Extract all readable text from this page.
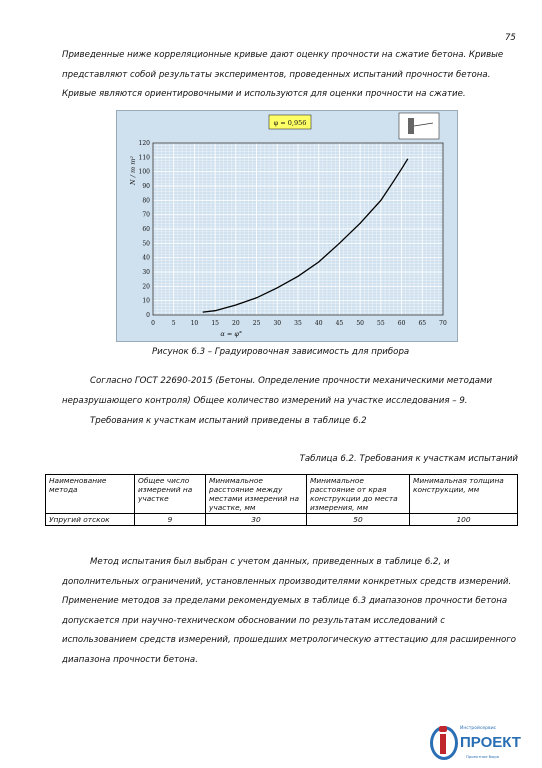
75
Приведенные ниже корреляционные кривые дают оценку прочности на сжатие бетона. Кривые
представляют собой результаты экспериментов, проведенных испытаний прочности бетона.
Кривые являются ориентировочными и используются для оценки прочности на сжатие.
0	5 10 15 20 25 30 35 40 45 50 55 60 65 70
0
10
20
30
40
50
60
70
80
90
100
110
120
α = φ°
N / m m²
φ = 0,956
Рисунок 6.3 – Градуировочная зависимость для прибора
Согласно ГОСТ 22690-2015 (Бетоны. Определение прочности механическими методами
неразрушающего контроля) Общее количество измерений на участке исследования – 9.
Требования к участкам испытаний приведены в таблице 6.2
Таблица 6.2. Требования к участкам испытаний
Наименование метода	Общее число измерений на участке	Минимальное расстояние между местами измерений на участке, мм	Минимальное расстояние от края конструкции до места измерения, мм	Минимальная толщина конструкции, мм
Упругий отскок	9	30	50	100
Метод испытания был выбран с учетом данных, приведенных в таблице 6.2, и
дополнительных ограничений, установленных производителями конкретных средств измерений.
Применение методов за пределами рекомендуемых в таблице 6.3 диапазонов прочности бетона
допускается при научно-техническом обосновании по результатам исследований с
использованием средств измерений, прошедших метрологическую аттестацию для расширенного
диапазона прочности бетона.
Инстройсервис
ПРОЕКТ
Проектное бюро
